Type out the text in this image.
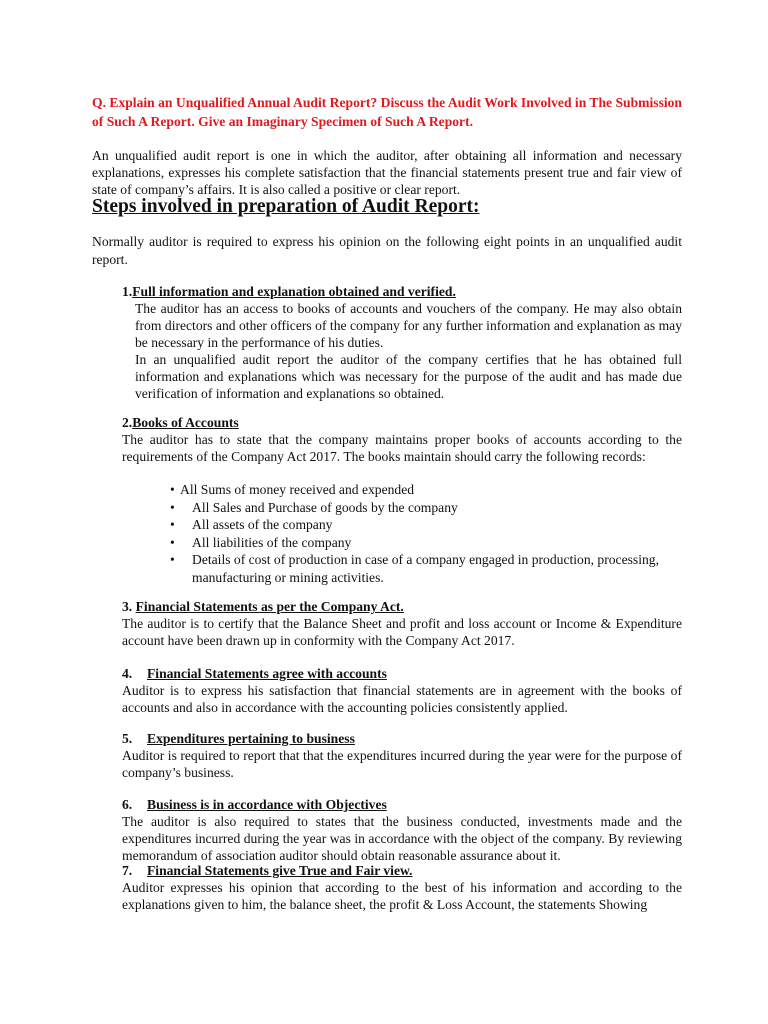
Q. Explain an Unqualified Annual Audit Report? Discuss the Audit Work Involved in The Submission of Such A Report. Give an Imaginary Specimen of Such A Report.
An unqualified audit report is one in which the auditor, after obtaining all information and necessary explanations, expresses his complete satisfaction that the financial statements present true and fair view of state of company’s affairs. It is also called a positive or clear report.
Steps involved in preparation of Audit Report:
Normally auditor is required to express his opinion on the following eight points in an unqualified audit report.
1.Full information and explanation obtained and verified.
The auditor has an access to books of accounts and vouchers of the company. He may also obtain from directors and other officers of the company for any further information and explanation as may be necessary in the performance of his duties.
In an unqualified audit report the auditor of the company certifies that he has obtained full information and explanations which was necessary for the purpose of the audit and has made due verification of information and explanations so obtained.
2.Books of Accounts
The auditor has to state that the company maintains proper books of accounts according to the requirements of the Company Act 2017. The books maintain should carry the following records:
• All Sums of money received and expended
• All Sales and Purchase of goods by the company
• All assets of the company
• All liabilities of the company
• Details of cost of production in case of a company engaged in production, processing, manufacturing or mining activities.
3. Financial Statements as per the Company Act.
The auditor is to certify that the Balance Sheet and profit and loss account or Income & Expenditure account have been drawn up in conformity with the Company Act 2017.
4. Financial Statements agree with accounts
Auditor is to express his satisfaction that financial statements are in agreement with the books of accounts and also in accordance with the accounting policies consistently applied.
5. Expenditures pertaining to business
Auditor is required to report that that the expenditures incurred during the year were for the purpose of company’s business.
6. Business is in accordance with Objectives
The auditor is also required to states that the business conducted, investments made and the expenditures incurred during the year was in accordance with the object of the company. By reviewing memorandum of association auditor should obtain reasonable assurance about it.
7. Financial Statements give True and Fair view.
Auditor expresses his opinion that according to the best of his information and according to the explanations given to him, the balance sheet, the profit & Loss Account, the statements Showing
